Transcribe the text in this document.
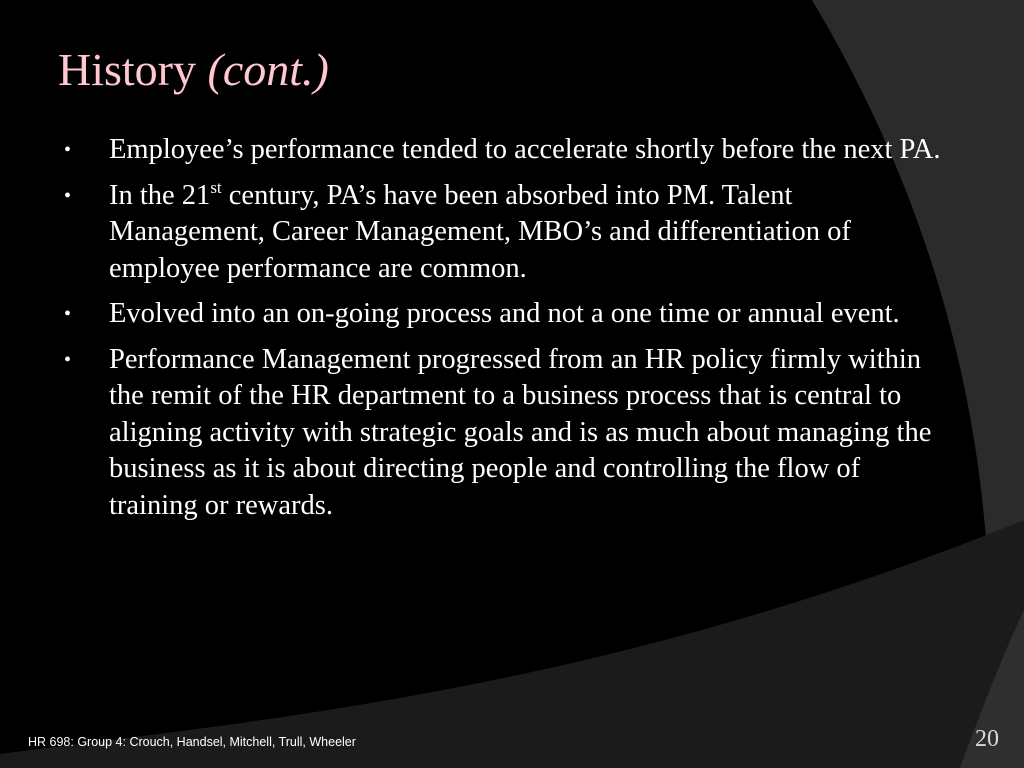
History (cont.)
• Employee’s performance tended to accelerate shortly before the next PA.
• In the 21st century, PA’s have been absorbed into PM. Talent Management, Career Management, MBO’s and differentiation of employee performance are common.
• Evolved into an on-going process and not a one time or annual event.
• Performance Management progressed from an HR policy firmly within the remit of the HR department to a business process that is central to aligning activity with strategic goals and is as much about managing the business as it is about directing people and controlling the flow of training or rewards.
HR 698: Group 4: Crouch, Handsel, Mitchell, Trull, Wheeler	20
